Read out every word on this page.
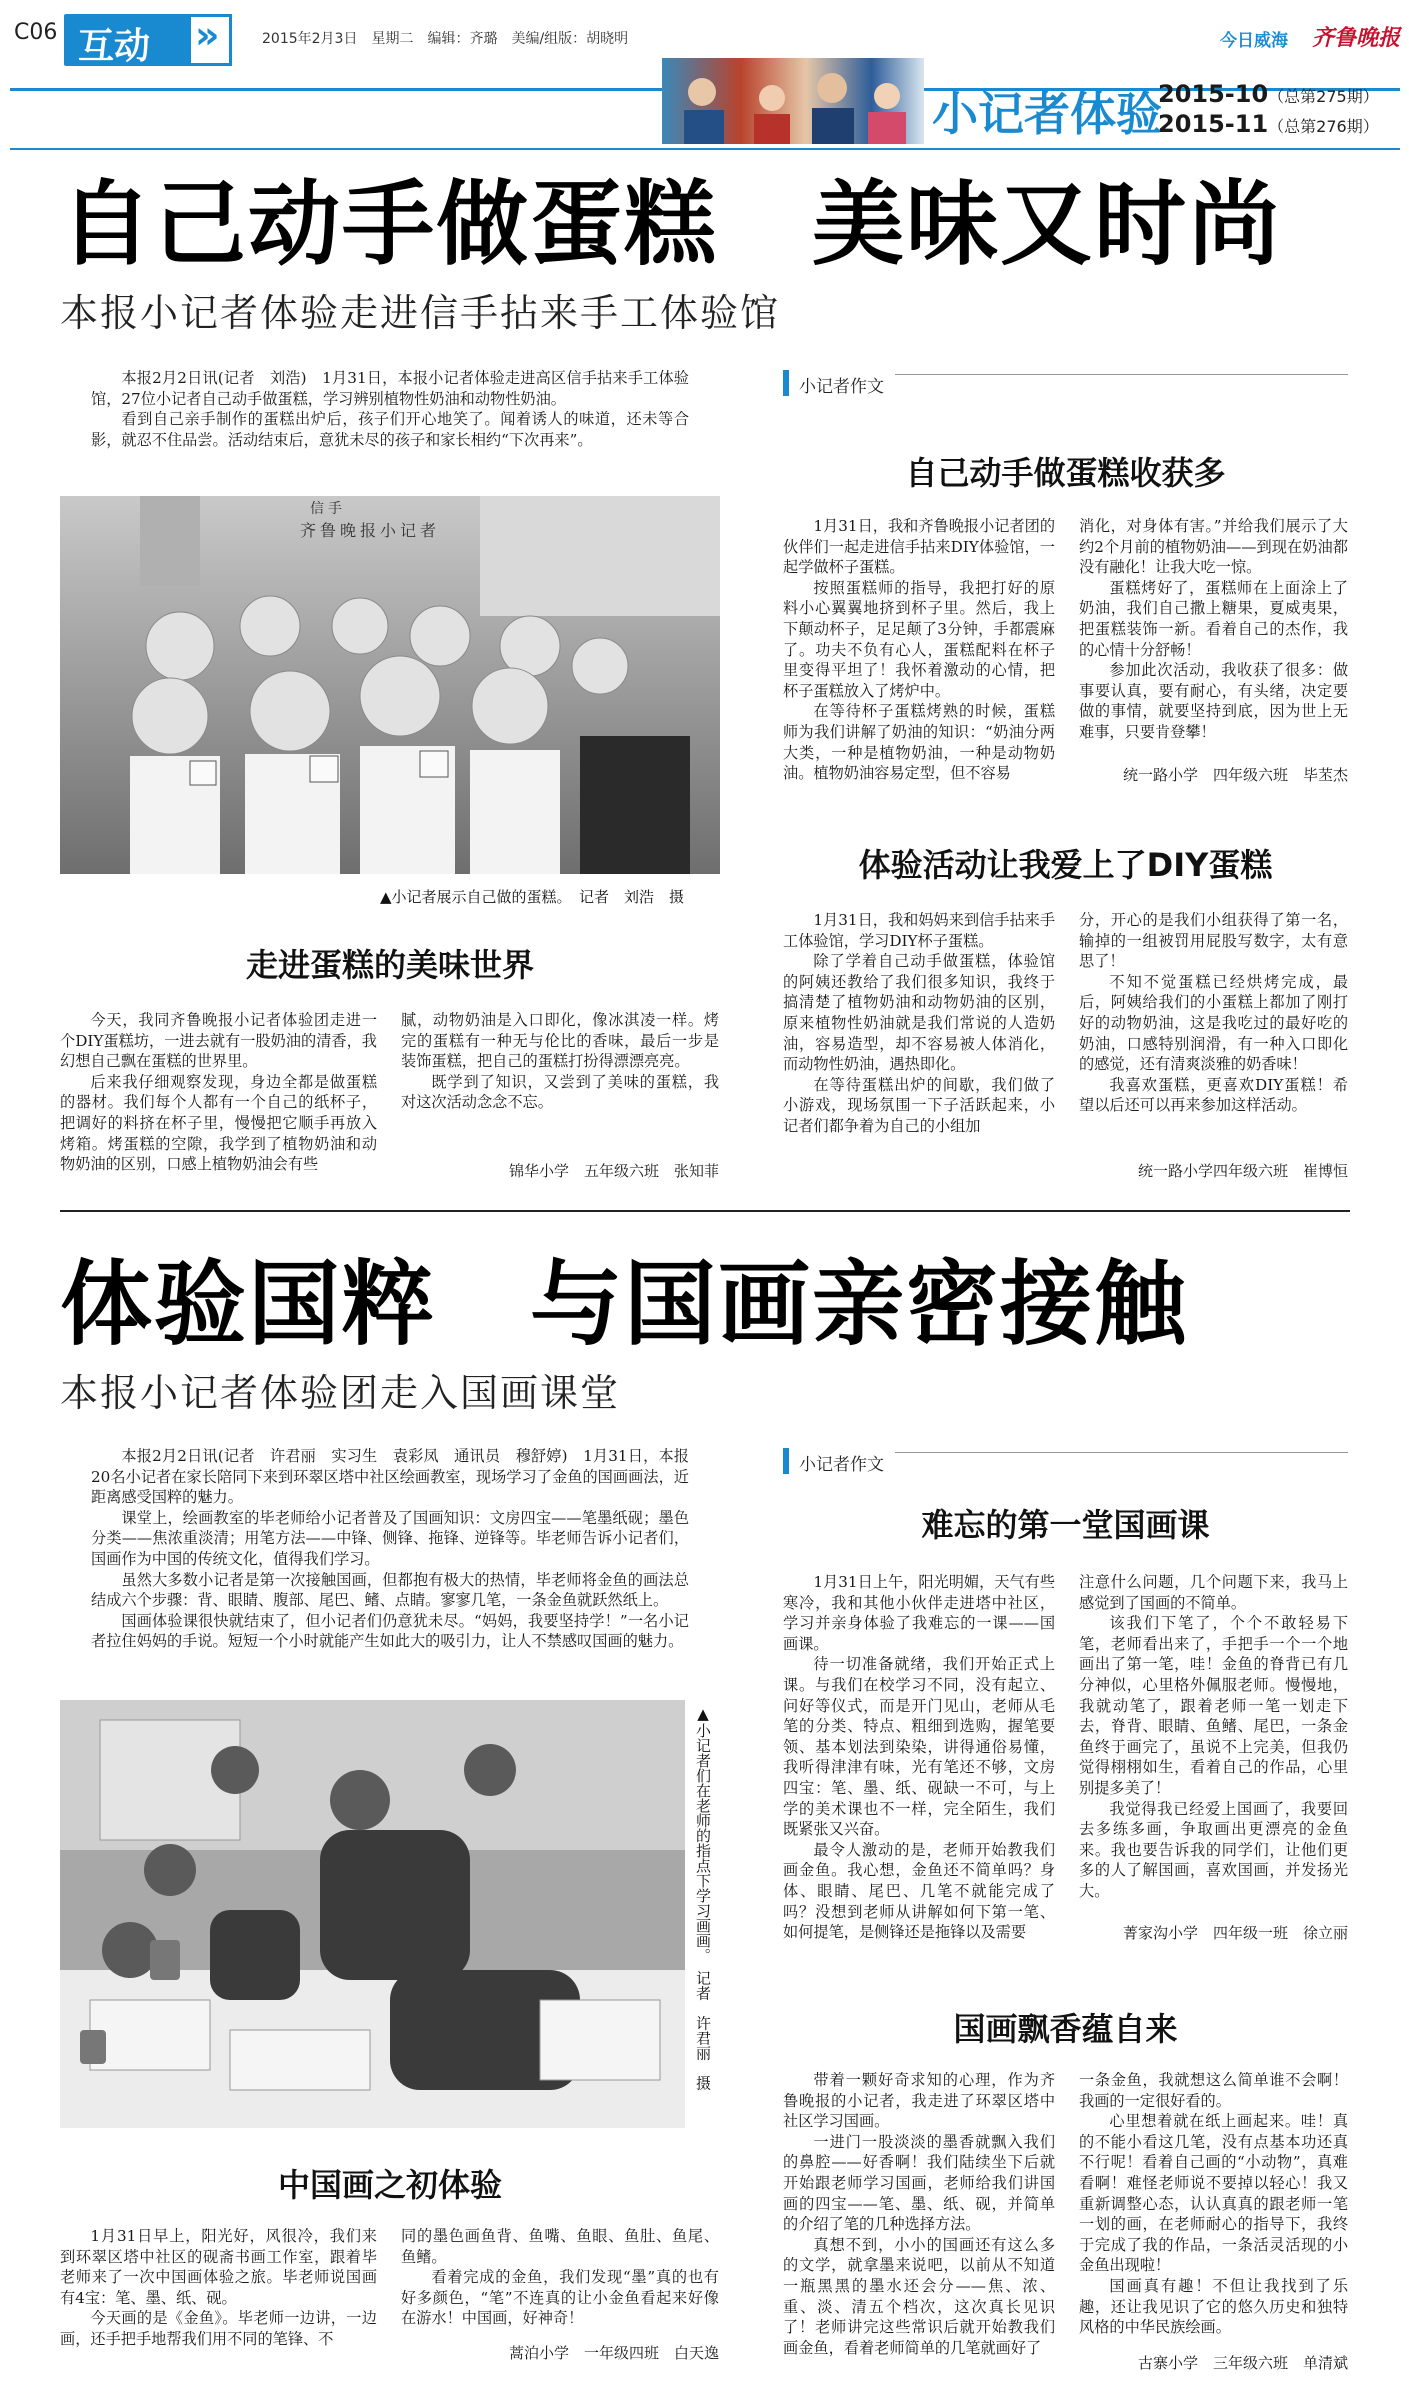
C06 互动 »	2015年2月3日　星期二　编辑：齐璐　美编/组版：胡晓明	今日威海 齐鲁晚报
小记者体验
2015-10（总第275期）
2015-11（总第276期）
自己动手做蛋糕　美味又时尚
本报小记者体验走进信手拈来手工体验馆

本报2月2日讯(记者　刘浩)　1月31日，本报小记者体验走进高区信手拈来手工体验馆，27位小记者自己动手做蛋糕，学习辨别植物性奶油和动物性奶油。

看到自己亲手制作的蛋糕出炉后，孩子们开心地笑了。闻着诱人的味道，还未等合影，就忍不住品尝。活动结束后，意犹未尽的孩子和家长相约“下次再来”。

齐鲁晚报小记者
信手
▲小记者展示自己做的蛋糕。　记者　刘浩　摄
走进蛋糕的美味世界

今天，我同齐鲁晚报小记者体验团走进一个DIY蛋糕坊，一进去就有一股奶油的清香，我幻想自己飘在蛋糕的世界里。

后来我仔细观察发现，身边全都是做蛋糕的器材。我们每个人都有一个自己的纸杯子，把调好的料挤在杯子里，慢慢把它顺手再放入烤箱。烤蛋糕的空隙，我学到了植物奶油和动物奶油的区别，口感上植物奶油会有些

腻，动物奶油是入口即化，像冰淇凌一样。烤完的蛋糕有一种无与伦比的香味，最后一步是装饰蛋糕，把自己的蛋糕打扮得漂漂亮亮。

既学到了知识，又尝到了美味的蛋糕，我对这次活动念念不忘。

锦华小学　五年级六班　张知菲
小记者作文
自己动手做蛋糕收获多

1月31日，我和齐鲁晚报小记者团的伙伴们一起走进信手拈来DIY体验馆，一起学做杯子蛋糕。

按照蛋糕师的指导，我把打好的原料小心翼翼地挤到杯子里。然后，我上下颠动杯子，足足颠了3分钟，手都震麻了。功夫不负有心人，蛋糕配料在杯子里变得平坦了！我怀着激动的心情，把杯子蛋糕放入了烤炉中。

在等待杯子蛋糕烤熟的时候，蛋糕师为我们讲解了奶油的知识：“奶油分两大类，一种是植物奶油，一种是动物奶油。植物奶油容易定型，但不容易

消化，对身体有害。”并给我们展示了大约2个月前的植物奶油——到现在奶油都没有融化！让我大吃一惊。

蛋糕烤好了，蛋糕师在上面涂上了奶油，我们自己撒上糖果，夏威夷果，把蛋糕装饰一新。看着自己的杰作，我的心情十分舒畅！

参加此次活动，我收获了很多：做事要认真，要有耐心，有头绪，决定要做的事情，就要坚持到底，因为世上无难事，只要肯登攀！

统一路小学　四年级六班　毕苤杰
体验活动让我爱上了DIY蛋糕

1月31日，我和妈妈来到信手拈来手工体验馆，学习DIY杯子蛋糕。

除了学着自己动手做蛋糕，体验馆的阿姨还教给了我们很多知识，我终于搞清楚了植物奶油和动物奶油的区别，原来植物性奶油就是我们常说的人造奶油，容易造型，却不容易被人体消化，而动物性奶油，遇热即化。

在等待蛋糕出炉的间歇，我们做了小游戏，现场氛围一下子活跃起来，小记者们都争着为自己的小组加

分，开心的是我们小组获得了第一名，输掉的一组被罚用屁股写数字，太有意思了！

不知不觉蛋糕已经烘烤完成，最后，阿姨给我们的小蛋糕上都加了刚打好的动物奶油，这是我吃过的最好吃的奶油，口感特别润滑，有一种入口即化的感觉，还有清爽淡雅的奶香味！

我喜欢蛋糕，更喜欢DIY蛋糕！希望以后还可以再来参加这样活动。

统一路小学四年级六班　崔博恒
体验国粹　与国画亲密接触
本报小记者体验团走入国画课堂

本报2月2日讯(记者　许君丽　实习生　袁彩凤　通讯员　穆舒婷)　1月31日，本报20名小记者在家长陪同下来到环翠区塔中社区绘画教室，现场学习了金鱼的国画画法，近距离感受国粹的魅力。

课堂上，绘画教室的毕老师给小记者普及了国画知识：文房四宝——笔墨纸砚；墨色分类——焦浓重淡清；用笔方法——中锋、侧锋、拖锋、逆锋等。毕老师告诉小记者们，国画作为中国的传统文化，值得我们学习。

虽然大多数小记者是第一次接触国画，但都抱有极大的热情，毕老师将金鱼的画法总结成六个步骤：背、眼睛、腹部、尾巴、鳍、点睛。寥寥几笔，一条金鱼就跃然纸上。

国画体验课很快就结束了，但小记者们仍意犹未尽。“妈妈，我要坚持学！”一名小记者拉住妈妈的手说。短短一个小时就能产生如此大的吸引力，让人不禁感叹国画的魅力。

▲小记者们在老师的指点下学习画画。　记者　许君丽　摄
中国画之初体验

1月31日早上，阳光好，风很冷，我们来到环翠区塔中社区的砚斋书画工作室，跟着毕老师来了一次中国画体验之旅。毕老师说国画有4宝：笔、墨、纸、砚。

今天画的是《金鱼》。毕老师一边讲，一边画，还手把手地帮我们用不同的笔锋、不

同的墨色画鱼背、鱼嘴、鱼眼、鱼肚、鱼尾、鱼鳍。

看着完成的金鱼，我们发现“墨”真的也有好多颜色，“笔”不连真的让小金鱼看起来好像在游水！中国画，好神奇！

蒿泊小学　一年级四班　白天逸
小记者作文
难忘的第一堂国画课

1月31日上午，阳光明媚，天气有些寒冷，我和其他小伙伴走进塔中社区，学习并亲身体验了我难忘的一课——国画课。

待一切准备就绪，我们开始正式上课。与我们在校学习不同，没有起立、问好等仪式，而是开门见山，老师从毛笔的分类、特点、粗细到选购，握笔要领、基本划法到染染，讲得通俗易懂，我听得津津有味，光有笔还不够，文房四宝：笔、墨、纸、砚缺一不可，与上学的美术课也不一样，完全陌生，我们既紧张又兴奋。

最令人激动的是，老师开始教我们画金鱼。我心想，金鱼还不简单吗？身体、眼睛、尾巴、几笔不就能完成了吗？没想到老师从讲解如何下第一笔、如何提笔，是侧锋还是拖锋以及需要

注意什么问题，几个问题下来，我马上感觉到了国画的不简单。

该我们下笔了，个个不敢轻易下笔，老师看出来了，手把手一个一个地画出了第一笔，哇！金鱼的脊背已有几分神似，心里格外佩服老师。慢慢地，我就动笔了，跟着老师一笔一划走下去，脊背、眼睛、鱼鳍、尾巴，一条金鱼终于画完了，虽说不上完美，但我仍觉得栩栩如生，看着自己的作品，心里别提多美了！

我觉得我已经爱上国画了，我要回去多练多画，争取画出更漂亮的金鱼来。我也要告诉我的同学们，让他们更多的人了解国画，喜欢国画，并发扬光大。

菁家沟小学　四年级一班　徐立丽
国画飘香蕴自来

带着一颗好奇求知的心理，作为齐鲁晚报的小记者，我走进了环翠区塔中社区学习国画。

一进门一股淡淡的墨香就飘入我们的鼻腔——好香啊！我们陆续坐下后就开始跟老师学习国画，老师给我们讲国画的四宝——笔、墨、纸、砚，并简单的介绍了笔的几种选择方法。

真想不到，小小的国画还有这么多的文学，就拿墨来说吧，以前从不知道一瓶黑黑的墨水还会分——焦、浓、重、淡、清五个档次，这次真长见识了！老师讲完这些常识后就开始教我们画金鱼，看着老师简单的几笔就画好了

一条金鱼，我就想这么简单谁不会啊！我画的一定很好看的。

心里想着就在纸上画起来。哇！真的不能小看这几笔，没有点基本功还真不行呢！看着自己画的“小动物”，真难看啊！难怪老师说不要掉以轻心！我又重新调整心态，认认真真的跟老师一笔一划的画，在老师耐心的指导下，我终于完成了我的作品，一条活灵活现的小金鱼出现啦！

国画真有趣！不但让我找到了乐趣，还让我见识了它的悠久历史和独特风格的中华民族绘画。

古寨小学　三年级六班　单清斌
